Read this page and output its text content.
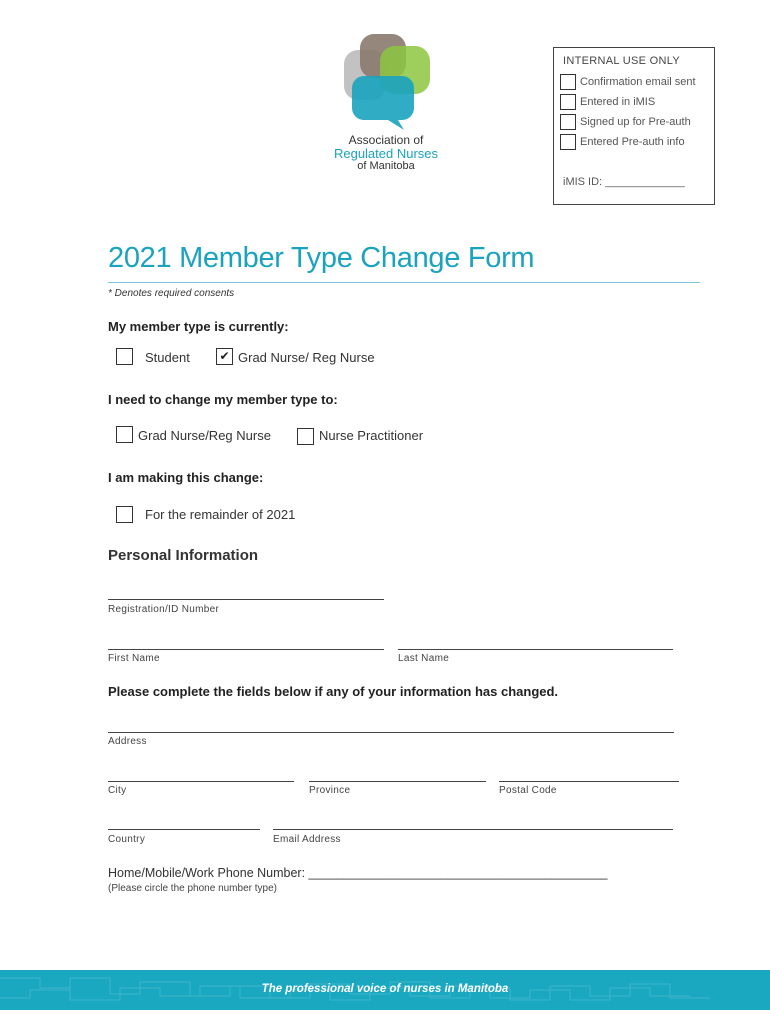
Association of
Regulated Nurses
of Manitoba
INTERNAL USE ONLY
Confirmation email sent
Entered in iMIS
Signed up for Pre-auth
Entered Pre-auth info
iMIS ID: _____________
2021 Member Type Change Form
* Denotes required consents
My member type is currently:
Student ✔ Grad Nurse/ Reg Nurse
I need to change my member type to:
Grad Nurse/Reg Nurse	Nurse Practitioner
I am making this change:
For the remainder of 2021
Personal Information
Registration/ID Number
First Name	Last Name
Please complete the fields below if any of your information has changed.
Address
City	Province	Postal Code
Country	Email Address
Home/Mobile/Work Phone Number: ___________________________________________
(Please circle the phone number type)
The professional voice of nurses in Manitoba
